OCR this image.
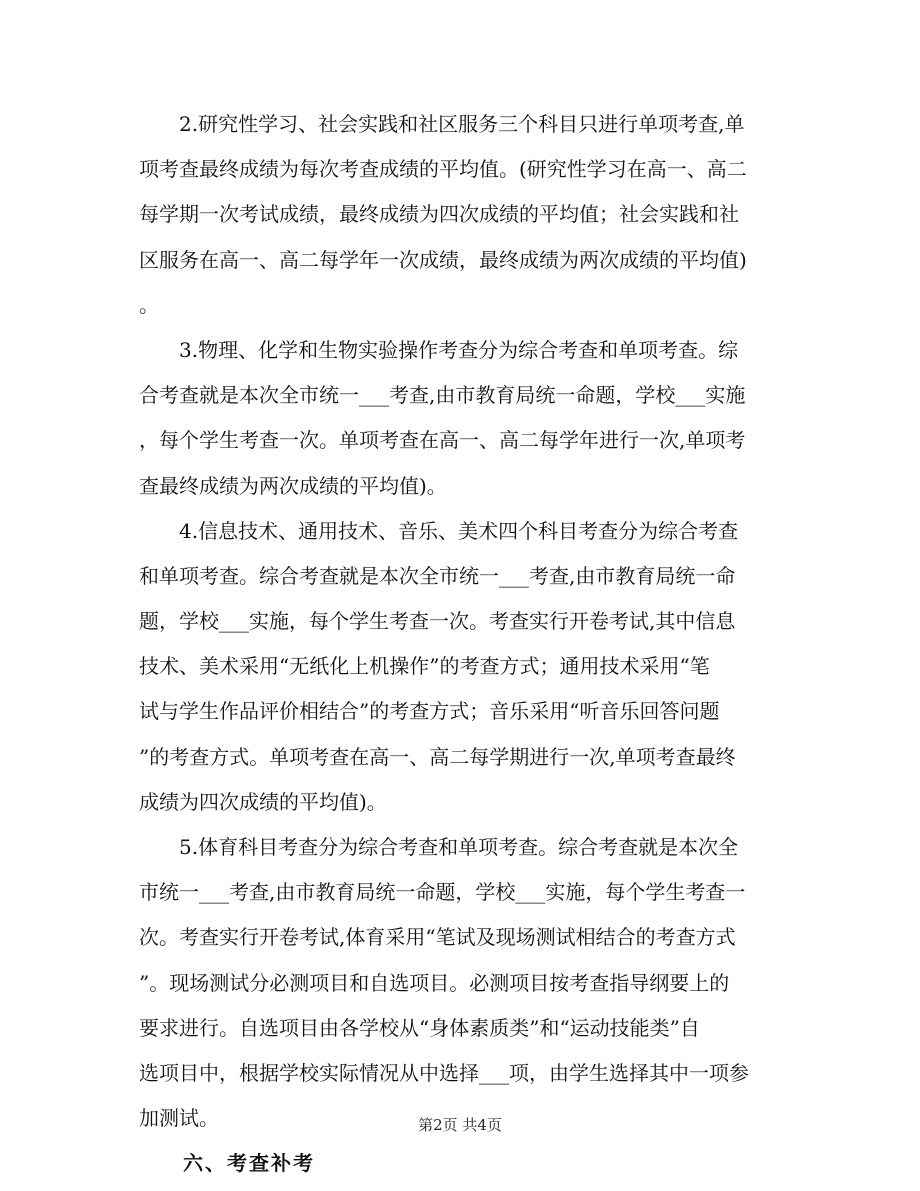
　　2.研究性学习、社会实践和社区服务三个科目只进行单项考查,单
项考查最终成绩为每次考查成绩的平均值。(研究性学习在高一、高二
每学期一次考试成绩，最终成绩为四次成绩的平均值；社会实践和社
区服务在高一、高二每学年一次成绩，最终成绩为两次成绩的平均值)
。
　　3.物理、化学和生物实验操作考查分为综合考查和单项考查。综
合考查就是本次全市统一___考查,由市教育局统一命题，学校___实施
，每个学生考查一次。单项考查在高一、高二每学年进行一次,单项考
查最终成绩为两次成绩的平均值)。
　　4.信息技术、通用技术、音乐、美术四个科目考查分为综合考查
和单项考查。综合考查就是本次全市统一___考查,由市教育局统一命
题，学校___实施，每个学生考查一次。考查实行开卷考试,其中信息
技术、美术采用“无纸化上机操作”的考查方式；通用技术采用“笔
试与学生作品评价相结合”的考查方式；音乐采用“听音乐回答问题
”的考查方式。单项考查在高一、高二每学期进行一次,单项考查最终
成绩为四次成绩的平均值)。
　　5.体育科目考查分为综合考查和单项考查。综合考查就是本次全
市统一___考查,由市教育局统一命题，学校___实施，每个学生考查一
次。考查实行开卷考试,体育采用“笔试及现场测试相结合的考查方式
”。现场测试分必测项目和自选项目。必测项目按考查指导纲要上的
要求进行。自选项目由各学校从“身体素质类”和“运动技能类”自
选项目中，根据学校实际情况从中选择___项，由学生选择其中一项参
加测试。
　　六、考查补考
第2页 共4页
